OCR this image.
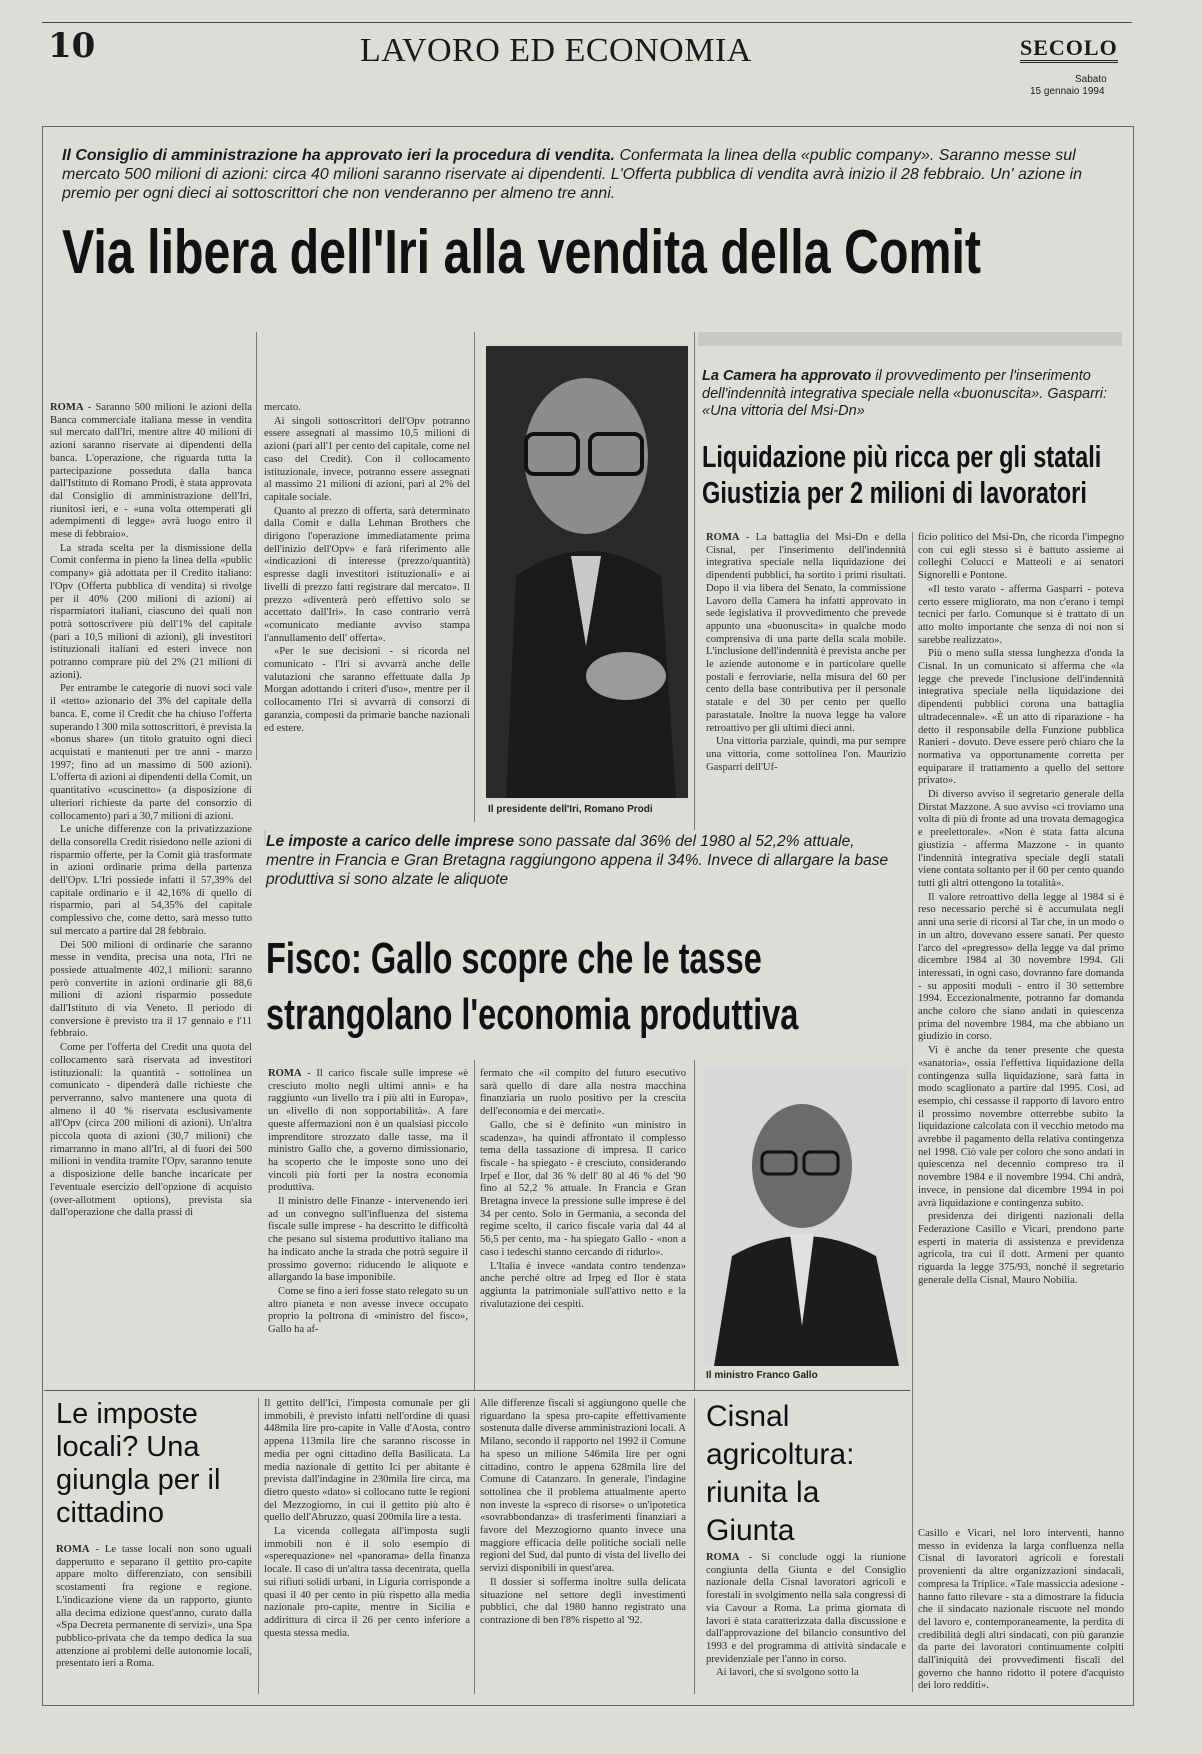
10	LAVORO ED ECONOMIA	SECOLO
Sabato
15 gennaio 1994
Il Consiglio di amministrazione ha approvato ieri la procedura di vendita. Confermata la linea della «public company». Saranno messe sul mercato 500 milioni di azioni: circa 40 milioni saranno riservate ai dipendenti. L'Offerta pubblica di vendita avrà inizio il 28 febbraio. Un' azione in premio per ogni dieci ai sottoscrittori che non venderanno per almeno tre anni.
Via libera dell'Iri alla vendita della Comit

ROMA - Saranno 500 milioni le azioni della Banca commerciale italiana messe in vendita sul mercato dall'Iri, mentre altre 40 milioni di azioni saranno riservate ai dipendenti della banca. L'operazione, che riguarda tutta la partecipazione posseduta dalla banca dall'Istituto di Romano Prodi, è stata approvata dal Consiglio di amministrazione dell'Iri, riunitosi ieri, e - «una volta ottemperati gli adempimenti di legge» avrà luogo entro il mese di febbraio».

La strada scelta per la dismissione della Comit conferma in pieno la linea della «public company» già adottata per il Credito italiano: l'Opv (Offerta pubblica di vendita) si rivolge per il 40% (200 milioni di azioni) ai risparmiatori italiani, ciascuno dei quali non potrà sottoscrivere più dell'1% del capitale (pari a 10,5 milioni di azioni), gli investitori istituzionali italiani ed esteri invece non potranno comprare più del 2% (21 milioni di azioni).

Per entrambe le categorie di nuovi soci vale il «tetto» azionario del 3% del capitale della banca. E, come il Credit che ha chiuso l'offerta superando l 300 mila sottoscrittori, è prevista la «bonus share» (un titolo gratuito ogni dieci acquistati e mantenuti per tre anni - marzo 1997; fino ad un massimo di 500 azioni). L'offerta di azioni ai dipendenti della Comit, un quantitativo «cuscinetto» (a disposizione di ulteriori richieste da parte del consorzio di collocamento) pari a 30,7 milioni di azioni.

Le uniche differenze con la privatizzazione della consorella Credit risiedono nelle azioni di risparmio offerte, per la Comit già trasformate in azioni ordinarie prima della partenza dell'Opv. L'Iri possiede infatti il 57,39% del capitale ordinario e il 42,16% di quello di risparmio, pari al 54,35% del capitale complessivo che, come detto, sarà messo tutto sul mercato a partire dal 28 febbraio.

Dei 500 milioni di ordinarie che saranno messe in vendita, precisa una nota, l'Iri ne possiede attualmente 402,1 milioni: saranno però convertite in azioni ordinarie gli 88,6 milioni di azioni risparmio possedute dall'Istituto di via Veneto. Il periodo di conversione è previsto tra il 17 gennaio e l'11 febbraio.

Come per l'offerta del Credit una quota del collocamento sarà riservata ad investitori istituzionali: la quantità - sottolinea un comunicato - dipenderà dalle richieste che perverranno, salvo mantenere una quota di almeno il 40 % riservata esclusivamente all'Opv (circa 200 milioni di azioni). Un'altra piccola quota di azioni (30,7 milioni) che rimarranno in mano all'Iri, al di fuori dei 500 milioni in vendita tramite l'Opv, saranno tenute a disposizione delle banche incaricate per l'eventuale esercizio dell'opzione di acquisto (over-allotment options), prevista sia dall'operazione che dalla prassi di

mercato.

Ai singoli sottoscrittori dell'Opv potranno essere assegnati al massimo 10,5 milioni di azioni (pari all'1 per cento del capitale, come nel caso del Credit). Con il collocamento istituzionale, invece, potranno essere assegnati al massimo 21 milioni di azioni, pari al 2% del capitale sociale.

Quanto al prezzo di offerta, sarà determinato dalla Comit e dalla Lehman Brothers che dirigono l'operazione immediatamente prima dell'inizio dell'Opv» e farà riferimento alle «indicazioni di interesse (prezzo/quantità) espresse dagli investitori istituzionali» e ai livelli di prezzo fatti registrare dal mercato». Il prezzo «diventerà però effettivo solo se accettato dall'Iri». In caso contrario verrà «comunicato mediante avviso stampa l'annullamento dell' offerta».

«Per le sue decisioni - si ricorda nel comunicato - l'Iri si avvarrà anche delle valutazioni che saranno effettuate dalla Jp Morgan adottando i criteri d'uso», mentre per il collocamento l'Iri si avvarrà di consorzi di garanzia, composti da primarie banche nazionali ed estere.

Il presidente dell'Iri, Romano Prodi
La Camera ha approvato il provvedimento per l'inserimento dell'indennità integrativa speciale nella «buonuscita». Gasparri: «Una vittoria del Msi-Dn»
Liquidazione più ricca per gli statali
Giustizia per 2 milioni di lavoratori

ROMA - La battaglia del Msi-Dn e della Cisnal, per l'inserimento dell'indennità integrativa speciale nella liquidazione dei dipendenti pubblici, ha sortito i primi risultati. Dopo il via libera del Senato, la commissione Lavoro della Camera ha infatti approvato in sede legislativa il provvedimento che prevede appunto una «buonuscita» in qualche modo comprensiva di una parte della scala mobile. L'inclusione dell'indennità è prevista anche per le aziende autonome e in particolare quelle postali e ferroviarie, nella misura del 60 per cento della base contributiva per il personale statale e del 30 per cento per quello parastatale. Inoltre la nuova legge ha valore retroattivo per gli ultimi dieci anni.

Una vittoria parziale, quindi, ma pur sempre una vittoria, come sottolinea l'on. Maurizio Gasparri dell'Uf-

ficio politico del Msi-Dn, che ricorda l'impegno con cui egli stesso si è battuto assieme ai colleghi Colucci e Matteoli e ai senatori Signorelli e Pontone.

«Il testo varato - afferma Gasparri - poteva certo essere migliorato, ma non c'erano i tempi tecnici per farlo. Comunque si è trattato di un atto molto importante che senza di noi non si sarebbe realizzato».

Più o meno sulla stessa lunghezza d'onda la Cisnal. In un comunicato si afferma che «la legge che prevede l'inclusione dell'indennità integrativa speciale nella liquidazione dei dipendenti pubblici corona una battaglia ultradecennale». «È un atto di riparazione - ha detto il responsabile della Funzione pubblica Ranieri - dovuto. Deve essere però chiaro che la normativa va opportunamente corretta per equiparare il trattamento a quello del settore privato».

Di diverso avviso il segretario generale della Dirstat Mazzone. A suo avviso «ci troviamo una volta di più di fronte ad una trovata demagogica e preelettorale». «Non è stata fatta alcuna giustizia - afferma Mazzone - in quanto l'indennità integrativa speciale degli statali viene contata soltanto per il 60 per cento quando tutti gli altri ottengono la totalità».

Il valore retroattivo della legge al 1984 si è reso necessario perché si è accumulata negli anni una serie di ricorsi al Tar che, in un modo o in un altro, dovevano essere sanati. Per questo l'arco del «pregresso» della legge va dal primo dicembre 1984 al 30 novembre 1994. Gli interessati, in ogni caso, dovranno fare domanda - su appositi moduli - entro il 30 settembre 1994. Eccezionalmente, potranno far domanda anche coloro che siano andati in quiescenza prima del novembre 1984, ma che abbiano un giudizio in corso.

Vi è anche da tener presente che questa «sanatoria», ossia l'effettiva liquidazione della contingenza sulla liquidazione, sarà fatta in modo scaglionato a partire dal 1995. Così, ad esempio, chi cessasse il rapporto di lavoro entro il prossimo novembre otterrebbe subito la liquidazione calcolata con il vecchio metodo ma avrebbe il pagamento della relativa contingenza nel 1998. Ciò vale per coloro che sono andati in quiescenza nel decennio compreso tra il novembre 1984 e il novembre 1994. Chi andrà, invece, in pensione dal dicembre 1994 in poi avrà liquidazione e contingenza subito.

presidenza dei dirigenti nazionali della Federazione Casillo e Vicari, prendono parte esperti in materia di assistenza e previdenza agricola, tra cui il dott. Armeni per quanto riguarda la legge 375/93, nonché il segretario generale della Cisnal, Mauro Nobilia.

Le imposte a carico delle imprese sono passate dal 36% del 1980 al 52,2% attuale, mentre in Francia e Gran Bretagna raggiungono appena il 34%. Invece di allargare la base produttiva si sono alzate le aliquote
Fisco: Gallo scopre che le tasse
strangolano l'economia produttiva

ROMA - Il carico fiscale sulle imprese «è cresciuto molto negli ultimi anni» e ha raggiunto «un livello tra i più alti in Europa», un «livello di non sopportabilità». A fare queste affermazioni non è un qualsiasi piccolo imprenditore strozzato dalle tasse, ma il ministro Gallo che, a governo dimissionario, ha scoperto che le imposte sono uno dei vincoli più forti per la nostra economia produttiva.

Il ministro delle Finanze - intervenendo ieri ad un convegno sull'influenza del sistema fiscale sulle imprese - ha descritto le difficoltà che pesano sul sistema produttivo italiano ma ha indicato anche la strada che potrà seguire il prossimo governo: riducendo le aliquote e allargando la base imponibile.

Come se fino a ieri fosse stato relegato su un altro pianeta e non avesse invece occupato proprio la poltrona di «ministro del fisco», Gallo ha af-

fermato che «il compito del futuro esecutivo sarà quello di dare alla nostra macchina finanziaria un ruolo positivo per la crescita dell'economia e dei mercati».

Gallo, che si è definito «un ministro in scadenza», ha quindi affrontato il complesso tema della tassazione di impresa. Il carico fiscale - ha spiegato - è cresciuto, considerando Irpef e Ilor, dal 36 % dell' 80 al 46 % del '90 fino al 52,2 % attuale. In Francia e Gran Bretagna invece la pressione sulle imprese è del 34 per cento. Solo in Germania, a seconda del regime scelto, il carico fiscale varia dal 44 al 56,5 per cento, ma - ha spiegato Gallo - «non a caso i tedeschi stanno cercando di ridurlo».

L'Italia è invece «andata contro tendenza» anche perché oltre ad Irpeg ed Ilor è stata aggiunta la patrimoniale sull'attivo netto e la rivalutazione dei cespiti.

Il ministro Franco Gallo
Le imposte locali? Una giungla per il cittadino

ROMA - Le tasse locali non sono uguali dappertutto e separano il gettito pro-capite appare molto differenziato, con sensibili scostamenti fra regione e regione. L'indicazione viene da un rapporto, giunto alla decima edizione quest'anno, curato dalla «Spa Decreta permanente di servizi», una Spa pubblico-privata che da tempo dedica la sua attenzione ai problemi delle autonomie locali, presentato ieri a Roma.

Il gettito dell'Ici, l'imposta comunale per gli immobili, è previsto infatti nell'ordine di quasi 448mila lire pro-capite in Valle d'Aosta, contro appena 113mila lire che saranno riscosse in media per ogni cittadino della Basilicata. La media nazionale di gettito Ici per abitante è prevista dall'indagine in 230mila lire circa, ma dietro questo «dato» si collocano tutte le regioni del Mezzogiorno, in cui il gettito più alto è quello dell'Abruzzo, quasi 200mila lire a testa.

La vicenda collegata all'imposta sugli immobili non è il solo esempio di «sperequazione» nel «panorama» della finanza locale. Il caso di un'altra tassa decentrata, quella sui rifiuti solidi urbani, in Liguria corrisponde a quasi il 40 per cento in più rispetto alla media nazionale pro-capite, mentre in Sicilia e addirittura di circa il 26 per cento inferiore a questa stessa media.

Alle differenze fiscali si aggiungono quelle che riguardano la spesa pro-capite effettivamente sostenuta dalle diverse amministrazioni locali. A Milano, secondo il rapporto nel 1992 il Comune ha speso un milione 546mila lire per ogni cittadino, contro le appena 628mila lire del Comune di Catanzaro. In generale, l'indagine sottolinea che il problema attualmente aperto non investe la «spreco di risorse» o un'ipotetica «sovrabbondanza» di trasferimenti finanziari a favore del Mezzogiorno quanto invece una maggiore efficacia delle politiche sociali nelle regioni del Sud, dal punto di vista del livello dei servizi disponibili in quest'area.

Il dossier si sofferma inoltre sulla delicata situazione nel settore degli investimenti pubblici, che dal 1980 hanno registrato una contrazione di ben l'8% rispetto al '92.

Cisnal agricoltura: riunita la Giunta

ROMA - Si conclude oggi la riunione congiunta della Giunta e del Consiglio nazionale della Cisnal lavoratori agricoli e forestali in svolgimento nella sala congressi di via Cavour a Roma. La prima giornata di lavori è stata caratterizzata dalla discussione e dall'approvazione del bilancio consuntivo del 1993 e del programma di attività sindacale e previdenziale per l'anno in corso.

Ai lavori, che si svolgono sotto la

Casillo e Vicari, nel loro interventi, hanno messo in evidenza la larga confluenza nella Cisnal di lavoratori agricoli e forestali provenienti da altre organizzazioni sindacali, compresa la Triplice. «Tale massiccia adesione - hanno fatto rilevare - sta a dimostrare la fiducia che il sindacato nazionale riscuote nel mondo del lavoro e, contemporaneamente, la perdita di credibilità degli altri sindacati, con più garanzie da parte dei lavoratori continuamente colpiti dall'iniquità dei provvedimenti fiscali del governo che hanno ridotto il potere d'acquisto dei loro redditi».
